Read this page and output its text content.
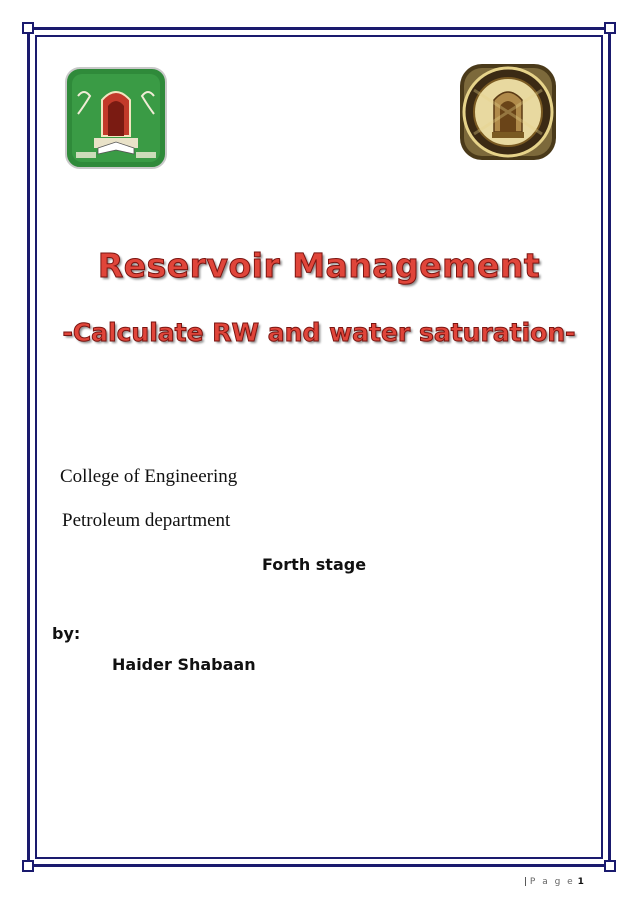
Reservoir Management
-Calculate RW and water saturation-
College of Engineering
Petroleum department
Forth stage
by:
Haider Shabaan
| P a g e 1
